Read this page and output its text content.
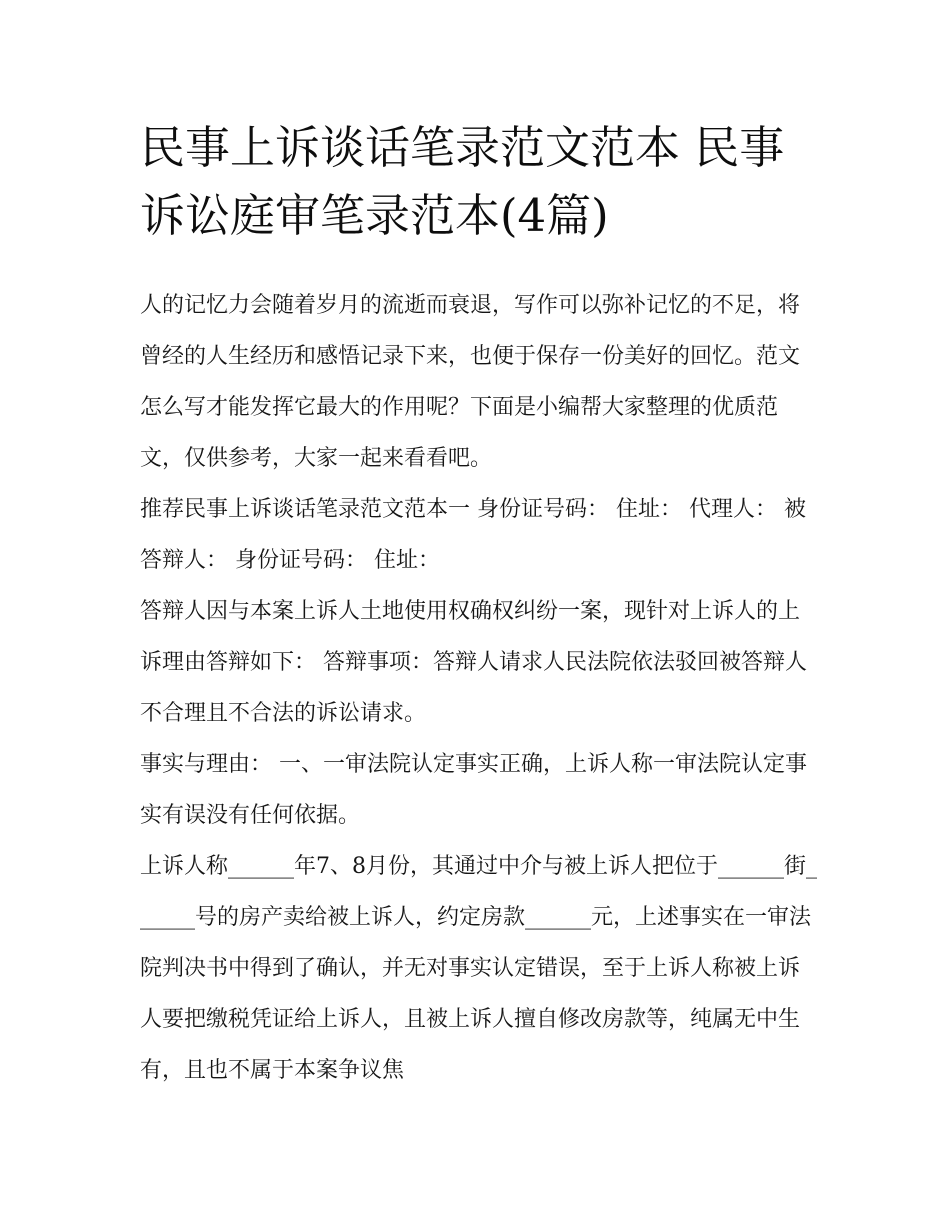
民事上诉谈话笔录范文范本 民事诉讼庭审笔录范本(4篇)

人的记忆力会随着岁月的流逝而衰退，写作可以弥补记忆的不足，将曾经的人生经历和感悟记录下来，也便于保存一份美好的回忆。范文怎么写才能发挥它最大的作用呢？下面是小编帮大家整理的优质范文，仅供参考，大家一起来看看吧。

推荐民事上诉谈话笔录范文范本一 身份证号码： 住址： 代理人： 被答辩人： 身份证号码： 住址：

答辩人因与本案上诉人土地使用权确权纠纷一案，现针对上诉人的上诉理由答辩如下： 答辩事项：答辩人请求人民法院依法驳回被答辩人不合理且不合法的诉讼请求。

事实与理由： 一、一审法院认定事实正确，上诉人称一审法院认定事实有误没有任何依据。

上诉人称______年7、8月份，其通过中介与被上诉人把位于______街______号的房产卖给被上诉人，约定房款______元，上述事实在一审法院判决书中得到了确认，并无对事实认定错误，至于上诉人称被上诉人要把缴税凭证给上诉人，且被上诉人擅自修改房款等，纯属无中生有，且也不属于本案争议焦
